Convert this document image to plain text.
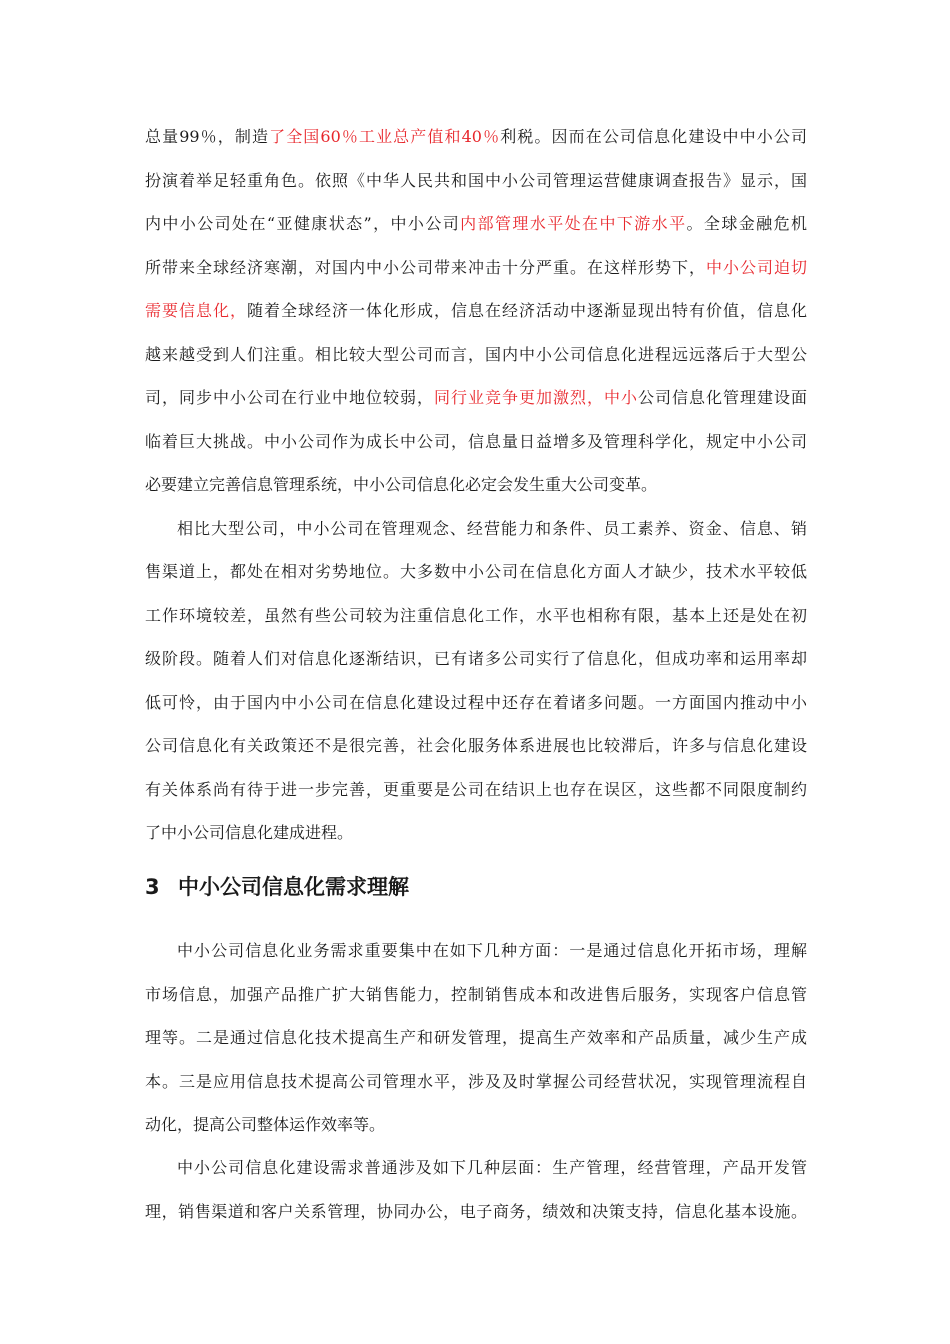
总量99％，制造了全国60％工业总产值和40％利税。因而在公司信息化建设中中小公司
扮演着举足轻重角色。依照《中华人民共和国中小公司管理运营健康调查报告》显示，国
内中小公司处在“亚健康状态”，中小公司内部管理水平处在中下游水平。全球金融危机
所带来全球经济寒潮，对国内中小公司带来冲击十分严重。在这样形势下，中小公司迫切
需要信息化，随着全球经济一体化形成，信息在经济活动中逐渐显现出特有价值，信息化
越来越受到人们注重。相比较大型公司而言，国内中小公司信息化进程远远落后于大型公
司，同步中小公司在行业中地位较弱，同行业竞争更加激烈，中小公司信息化管理建设面
临着巨大挑战。中小公司作为成长中公司，信息量日益增多及管理科学化，规定中小公司
必要建立完善信息管理系统，中小公司信息化必定会发生重大公司变革。
相比大型公司，中小公司在管理观念、经营能力和条件、员工素养、资金、信息、销
售渠道上，都处在相对劣势地位。大多数中小公司在信息化方面人才缺少，技术水平较低
工作环境较差，虽然有些公司较为注重信息化工作，水平也相称有限，基本上还是处在初
级阶段。随着人们对信息化逐渐结识，已有诸多公司实行了信息化，但成功率和运用率却
低可怜，由于国内中小公司在信息化建设过程中还存在着诸多问题。一方面国内推动中小
公司信息化有关政策还不是很完善，社会化服务体系进展也比较滞后，许多与信息化建设
有关体系尚有待于进一步完善，更重要是公司在结识上也存在误区，这些都不同限度制约
了中小公司信息化建成进程。
3 中小公司信息化需求理解
中小公司信息化业务需求重要集中在如下几种方面：一是通过信息化开拓市场，理解
市场信息，加强产品推广扩大销售能力，控制销售成本和改进售后服务，实现客户信息管
理等。二是通过信息化技术提高生产和研发管理，提高生产效率和产品质量，减少生产成
本。三是应用信息技术提高公司管理水平，涉及及时掌握公司经营状况，实现管理流程自
动化，提高公司整体运作效率等。
中小公司信息化建设需求普通涉及如下几种层面：生产管理，经营管理，产品开发管
理，销售渠道和客户关系管理，协同办公，电子商务，绩效和决策支持，信息化基本设施。
